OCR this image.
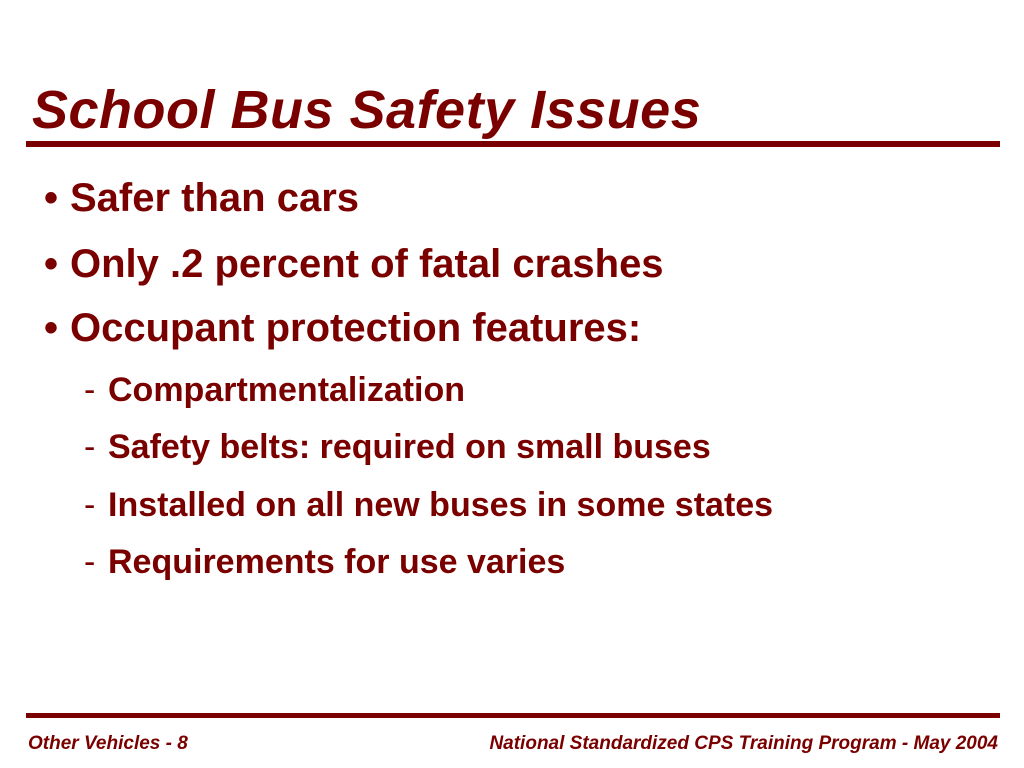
School Bus Safety Issues
• Safer than cars
• Only .2 percent of fatal crashes
• Occupant protection features:
- Compartmentalization
- Safety belts: required on small buses
- Installed on all new buses in some states
- Requirements for use varies
Other Vehicles - 8	National Standardized CPS Training Program - May 2004
